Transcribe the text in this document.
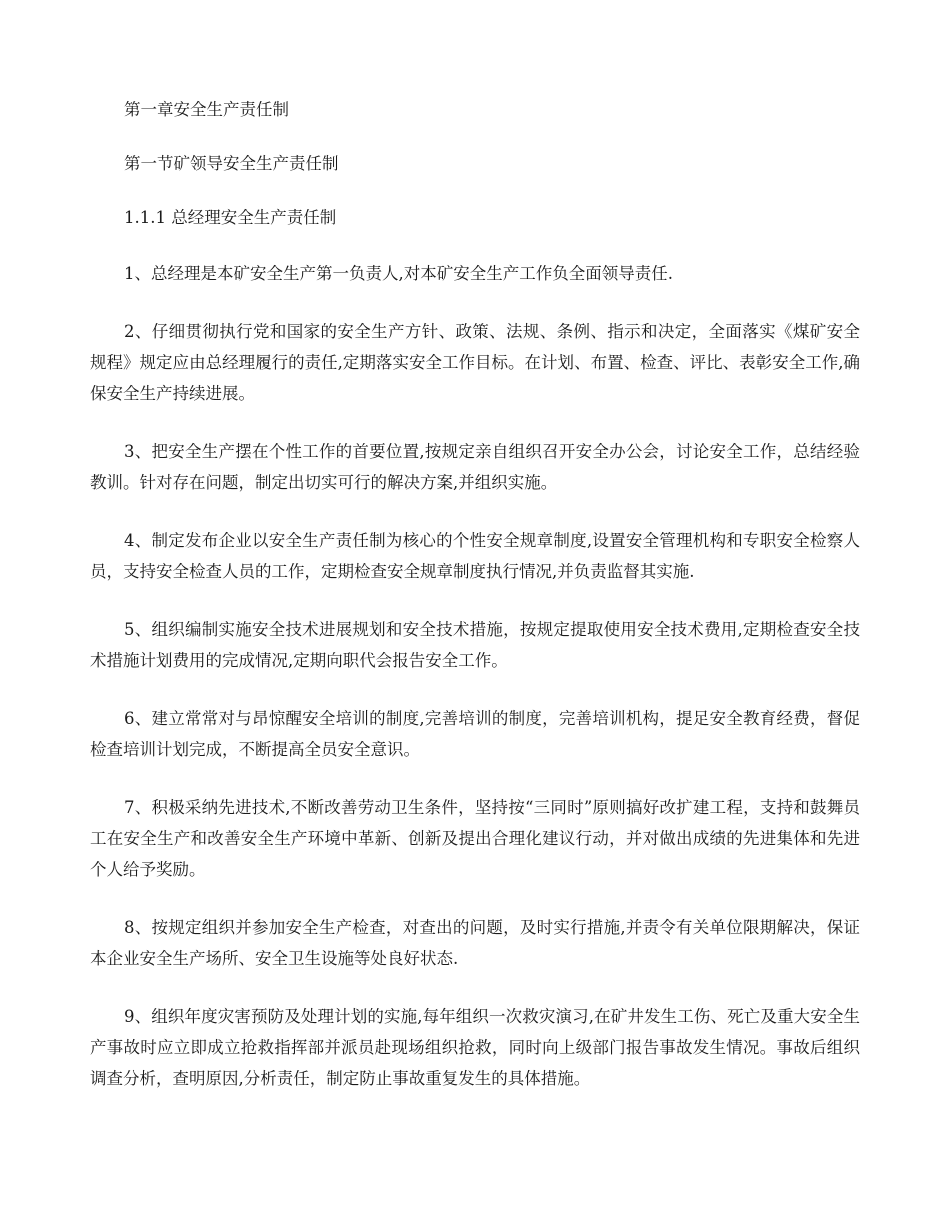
第一章安全生产责任制

第一节矿领导安全生产责任制

1.1.1 总经理安全生产责任制

1、总经理是本矿安全生产第一负责人,对本矿安全生产工作负全面领导责任.

2、仔细贯彻执行党和国家的安全生产方针、政策、法规、条例、指示和决定，全面落实《煤矿安全规程》规定应由总经理履行的责任,定期落实安全工作目标。在计划、布置、检查、评比、表彰安全工作,确保安全生产持续进展。

3、把安全生产摆在个性工作的首要位置,按规定亲自组织召开安全办公会，讨论安全工作，总结经验教训。针对存在问题，制定出切实可行的解决方案,并组织实施。

4、制定发布企业以安全生产责任制为核心的个性安全规章制度,设置安全管理机构和专职安全检察人员，支持安全检查人员的工作，定期检查安全规章制度执行情况,并负责监督其实施.

5、组织编制实施安全技术进展规划和安全技术措施，按规定提取使用安全技术费用,定期检查安全技术措施计划费用的完成情况,定期向职代会报告安全工作。

6、建立常常对与昂惊醒安全培训的制度,完善培训的制度，完善培训机构，提足安全教育经费，督促检查培训计划完成，不断提高全员安全意识。

7、积极采纳先进技术,不断改善劳动卫生条件，坚持按“三同时”原则搞好改扩建工程，支持和鼓舞员工在安全生产和改善安全生产环境中革新、创新及提出合理化建议行动，并对做出成绩的先进集体和先进个人给予奖励。

8、按规定组织并参加安全生产检查，对查出的问题，及时实行措施,并责令有关单位限期解决，保证本企业安全生产场所、安全卫生设施等处良好状态.

9、组织年度灾害预防及处理计划的实施,每年组织一次救灾演习,在矿井发生工伤、死亡及重大安全生产事故时应立即成立抢救指挥部并派员赴现场组织抢救，同时向上级部门报告事故发生情况。事故后组织调查分析，查明原因,分析责任，制定防止事故重复发生的具体措施。
